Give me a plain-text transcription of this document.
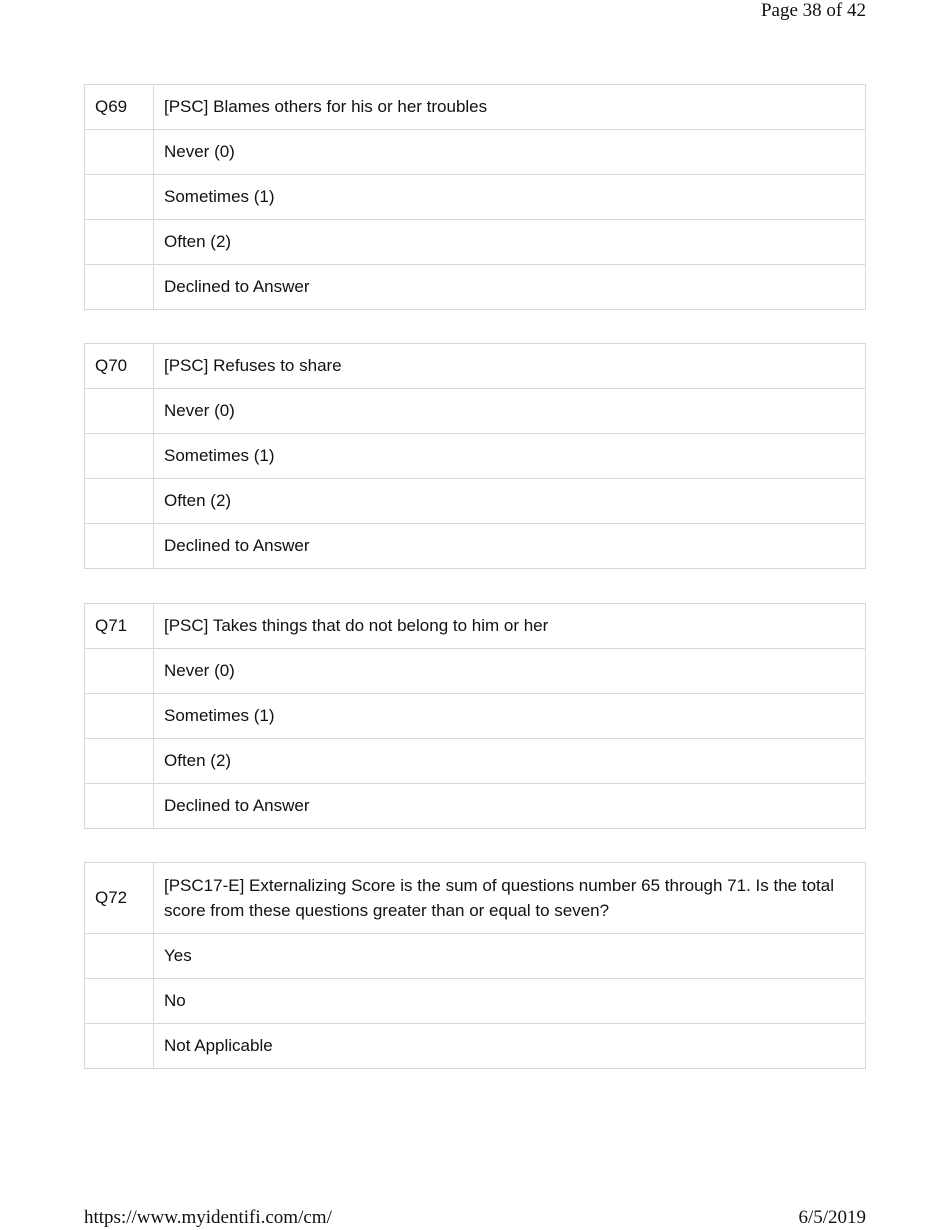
Page 38 of 42
Q69	[PSC] Blames others for his or her troubles
	Never (0)
	Sometimes (1)
	Often (2)
	Declined to Answer
Q70	[PSC] Refuses to share
	Never (0)
	Sometimes (1)
	Often (2)
	Declined to Answer
Q71	[PSC] Takes things that do not belong to him or her
	Never (0)
	Sometimes (1)
	Often (2)
	Declined to Answer
Q72	[PSC17-E] Externalizing Score is the sum of questions number 65 through 71. Is the total score from these questions greater than or equal to seven?
	Yes
	No
	Not Applicable
https://www.myidentifi.com/cm/	6/5/2019
